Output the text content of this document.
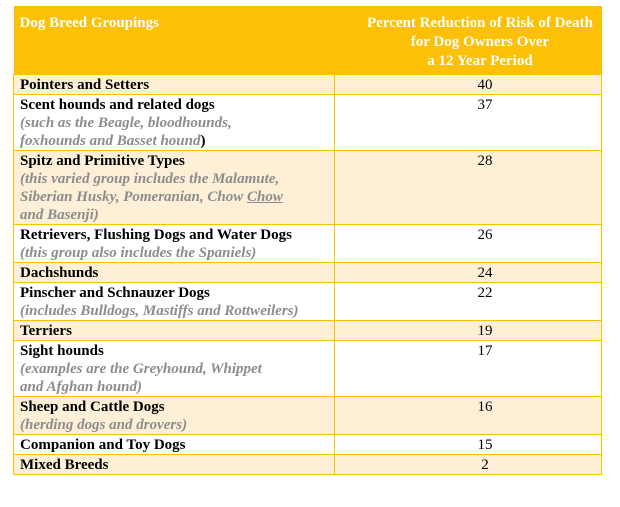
Dog Breed Groupings	Percent Reduction of Risk of Death
for Dog Owners Over
a 12 Year Period

Pointers and Setters	40

Scent hounds and related dogs
(such as the Beagle, bloodhounds,
foxhounds and Basset hound)	37

Spitz and Primitive Types
(this varied group includes the Malamute,
Siberian Husky, Pomeranian, Chow Chow
and Basenji)	28

Retrievers, Flushing Dogs and Water Dogs
(this group also includes the Spaniels)	26

Dachshunds	24

Pinscher and Schnauzer Dogs
(includes Bulldogs, Mastiffs and Rottweilers)	22

Terriers	19

Sight hounds
(examples are the Greyhound, Whippet
and Afghan hound)	17

Sheep and Cattle Dogs
(herding dogs and drovers)	16

Companion and Toy Dogs	15

Mixed Breeds	2
